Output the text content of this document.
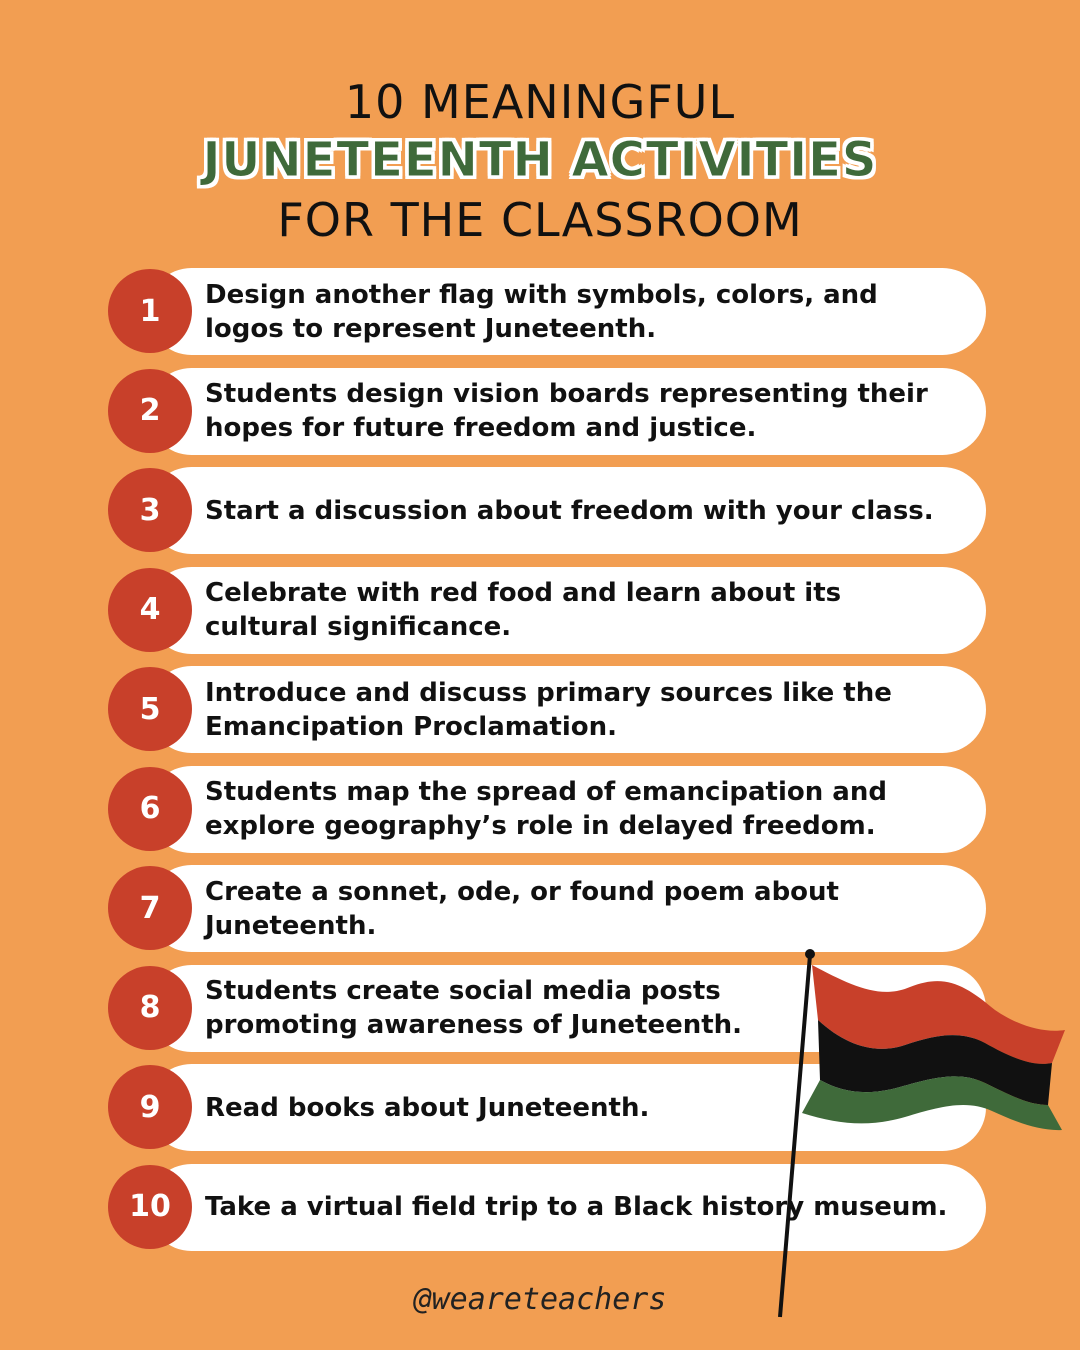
10 MEANINGFUL
JUNETEENTH ACTIVITIES
FOR THE CLASSROOM
1	Design another flag with symbols, colors, and logos to represent Juneteenth.
2	Students design vision boards representing their hopes for future freedom and justice.
3	Start a discussion about freedom with your class.
4	Celebrate with red food and learn about its cultural significance.
5	Introduce and discuss primary sources like the Emancipation Proclamation.
6	Students map the spread of emancipation and explore geography’s role in delayed freedom.
7	Create a sonnet, ode, or found poem about Juneteenth.
8	Students create social media posts promoting awareness of Juneteenth.
9	Read books about Juneteenth.
10	Take a virtual field trip to a Black history museum.
@weareteachers
